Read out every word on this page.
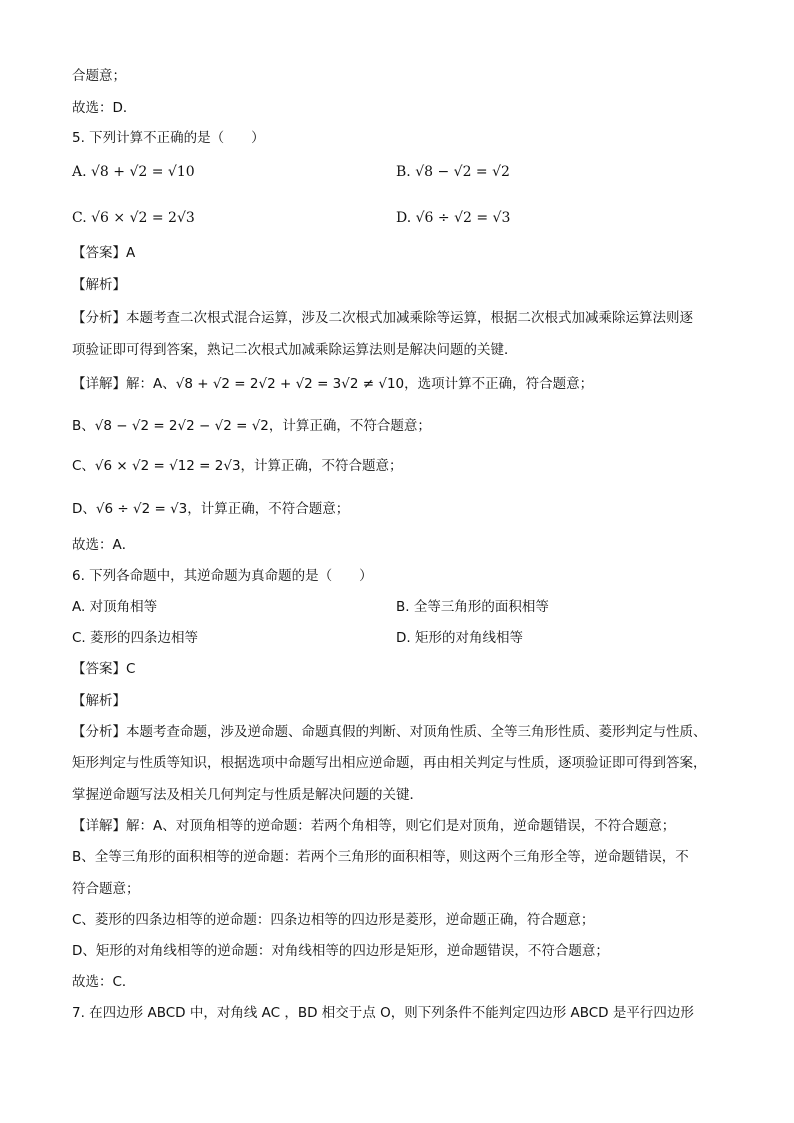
合题意；
故选：D．
5. 下列计算不正确的是（　　）
A. √8 + √2 = √10	B. √8 − √2 = √2
C. √6 × √2 = 2√3	D. √6 ÷ √2 = √3
【答案】A
【解析】
【分析】本题考查二次根式混合运算，涉及二次根式加减乘除等运算，根据二次根式加减乘除运算法则逐
项验证即可得到答案，熟记二次根式加减乘除运算法则是解决问题的关键．
【详解】解：A、√8 + √2 = 2√2 + √2 = 3√2 ≠ √10，选项计算不正确，符合题意；
B、√8 − √2 = 2√2 − √2 = √2，计算正确，不符合题意；
C、√6 × √2 = √12 = 2√3，计算正确，不符合题意；
D、√6 ÷ √2 = √3，计算正确，不符合题意；
故选：A．
6. 下列各命题中，其逆命题为真命题的是（　　）
A. 对顶角相等	B. 全等三角形的面积相等
C. 菱形的四条边相等	D. 矩形的对角线相等
【答案】C
【解析】
【分析】本题考查命题，涉及逆命题、命题真假的判断、对顶角性质、全等三角形性质、菱形判定与性质、
矩形判定与性质等知识，根据选项中命题写出相应逆命题，再由相关判定与性质，逐项验证即可得到答案，
掌握逆命题写法及相关几何判定与性质是解决问题的关键．
【详解】解：A、对顶角相等的逆命题：若两个角相等，则它们是对顶角，逆命题错误，不符合题意；
B、全等三角形的面积相等的逆命题：若两个三角形的面积相等，则这两个三角形全等，逆命题错误，不
符合题意；
C、菱形的四条边相等的逆命题：四条边相等的四边形是菱形，逆命题正确，符合题意；
D、矩形的对角线相等的逆命题：对角线相等的四边形是矩形，逆命题错误，不符合题意；
故选：C．
7. 在四边形 ABCD 中，对角线 AC ，BD 相交于点 O，则下列条件不能判定四边形 ABCD 是平行四边形
